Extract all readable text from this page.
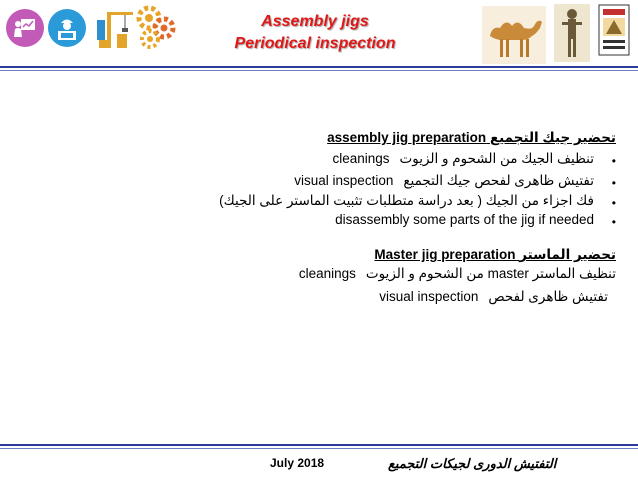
Assembly jigs
Periodical inspection
assembly jig preparation تحضير جيك التجميع
•
cleanings تنظيف الجيك من الشحوم و الزيوت
•
visual inspection تفتيش ظاهرى لفحص جيك التجميع
•
فك اجزاء من الجيك ( بعد دراسة متطلبات تثبيت الماستر على الجيك)
•
disassembly some parts of the jig if needed
Master jig preparation تحضير الماستر
cleanings من الشحوم و الزيوت master تنظيف الماستر
visual inspection تفتيش ظاهرى لفحص
July 2018	التفتيش الدورى لجيكات التجميع
